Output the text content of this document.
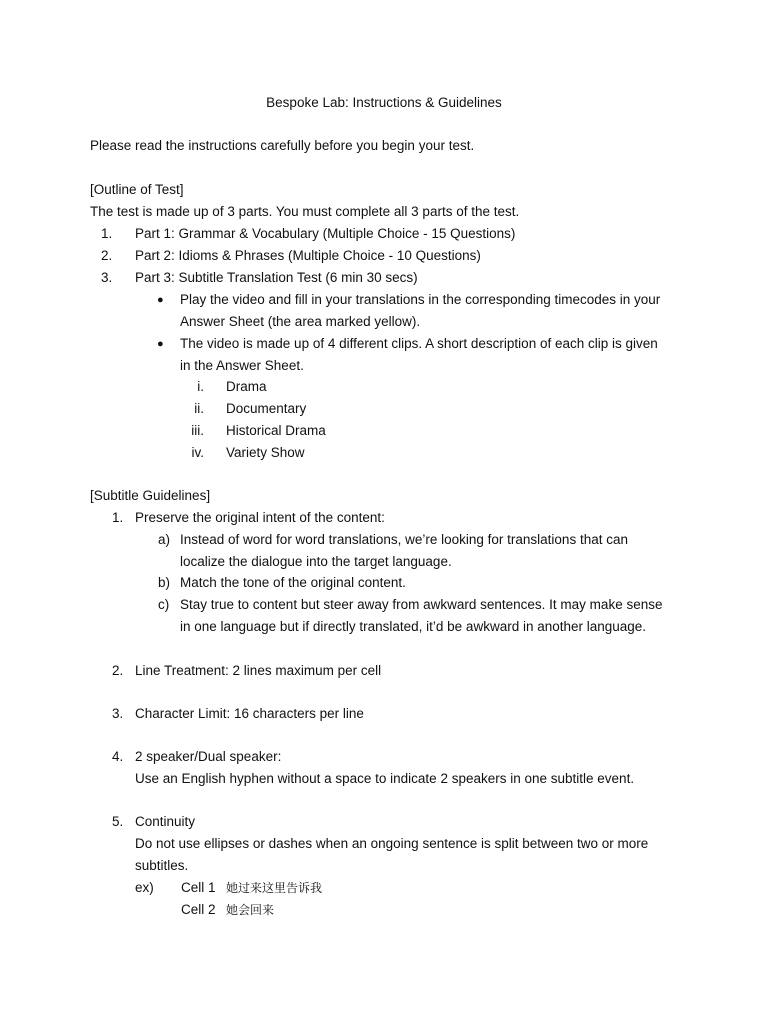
Bespoke Lab: Instructions & Guidelines
Please read the instructions carefully before you begin your test.
[Outline of Test]
The test is made up of 3 parts. You must complete all 3 parts of the test.
1. Part 1: Grammar & Vocabulary (Multiple Choice - 15 Questions)
2. Part 2: Idioms & Phrases (Multiple Choice - 10 Questions)
3. Part 3: Subtitle Translation Test (6 min 30 secs)
● Play the video and fill in your translations in the corresponding timecodes in your
Answer Sheet (the area marked yellow).
● The video is made up of 4 different clips. A short description of each clip is given
in the Answer Sheet.
i. Drama
ii. Documentary
iii. Historical Drama
iv. Variety Show
[Subtitle Guidelines]
1. Preserve the original intent of the content:
a) Instead of word for word translations, we’re looking for translations that can
localize the dialogue into the target language.
b) Match the tone of the original content.
c) Stay true to content but steer away from awkward sentences. It may make sense
in one language but if directly translated, it’d be awkward in another language.
2. Line Treatment: 2 lines maximum per cell
3. Character Limit: 16 characters per line
4. 2 speaker/Dual speaker:
Use an English hyphen without a space to indicate 2 speakers in one subtitle event.
5. Continuity
Do not use ellipses or dashes when an ongoing sentence is split between two or more
subtitles.
ex) Cell 1 她过来这里告诉我
Cell 2 她会回来
